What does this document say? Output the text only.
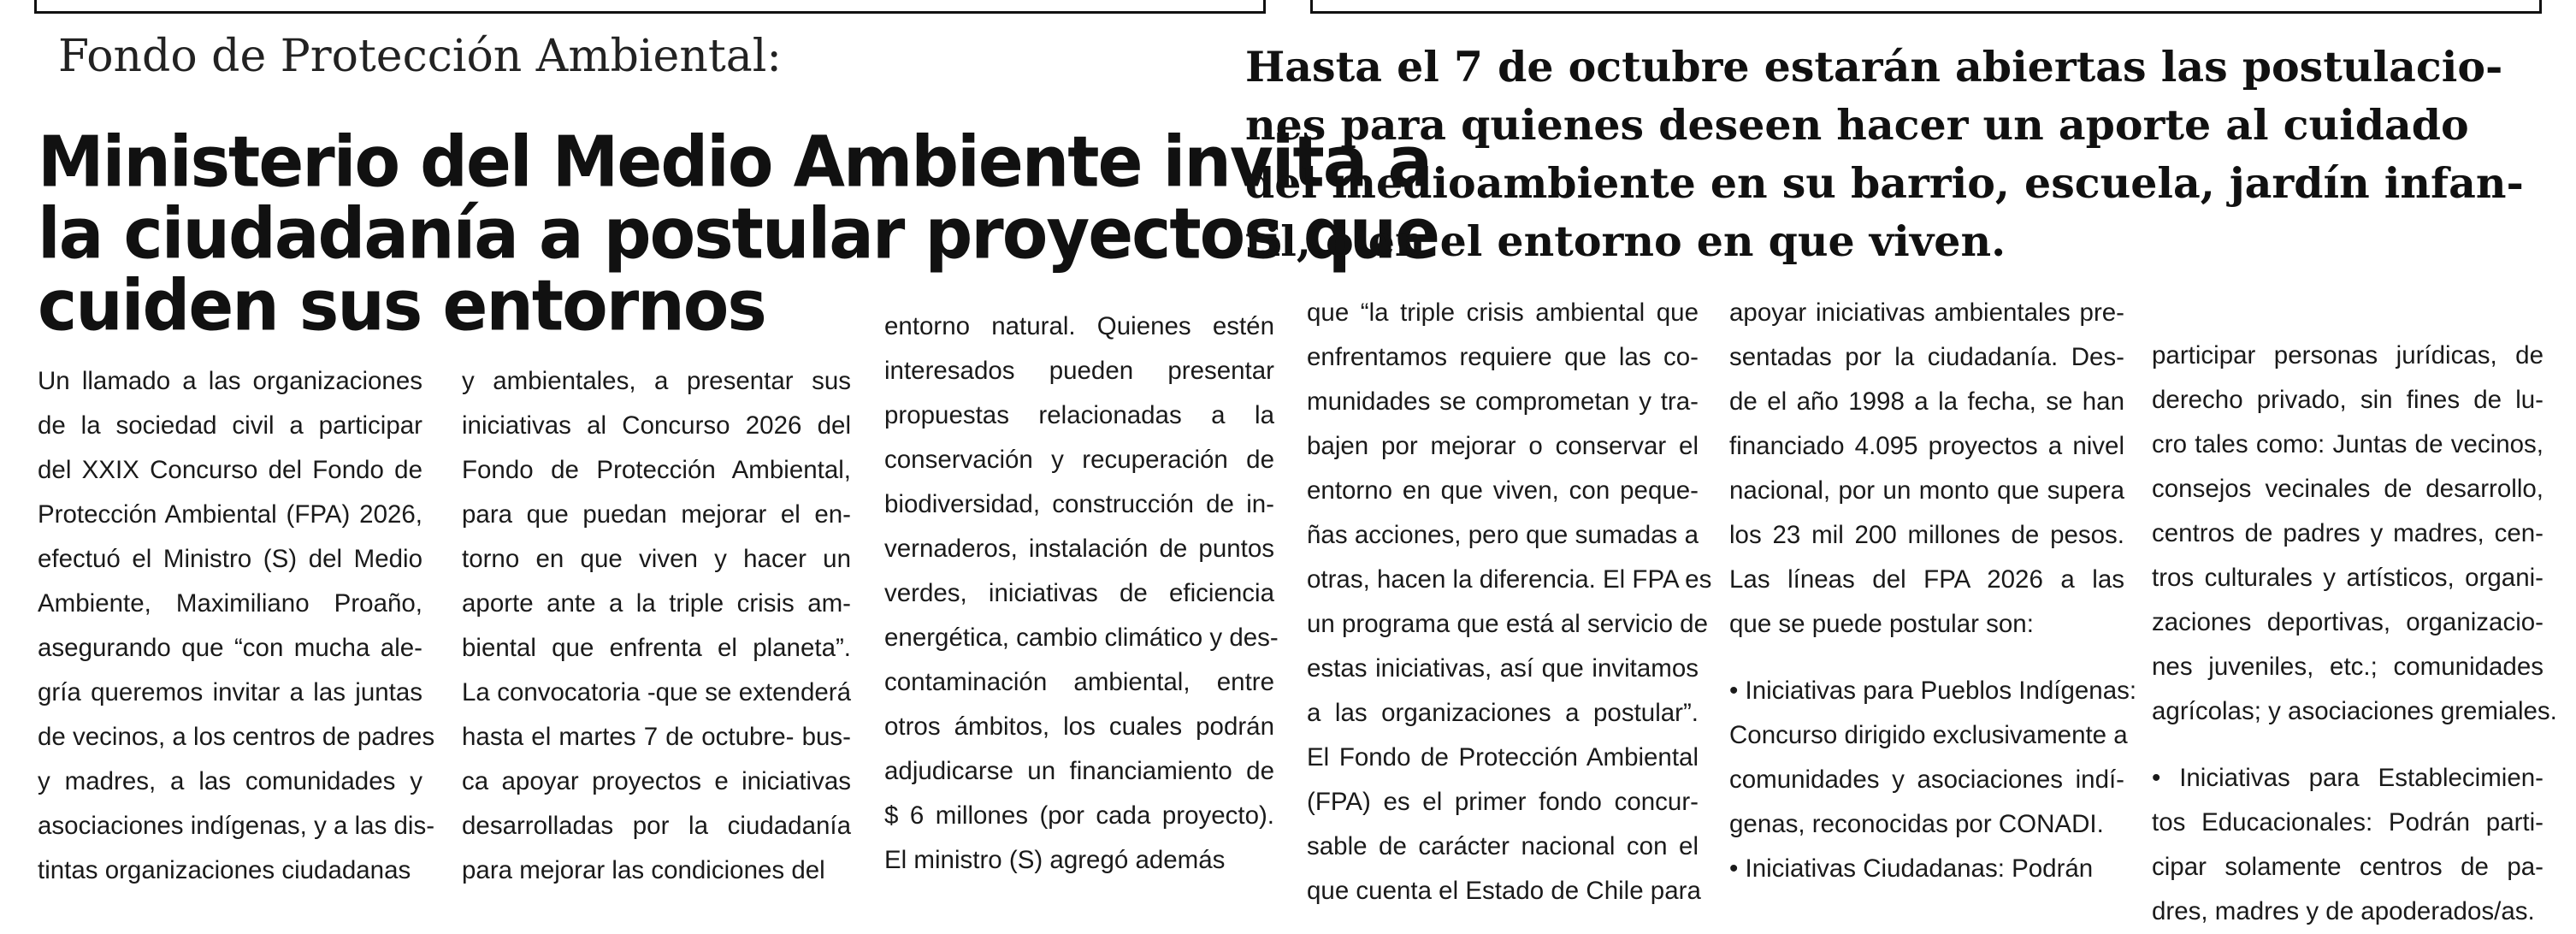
Fondo de Protección Ambiental:
Ministerio del Medio Ambiente invita a
la ciudadanía a postular proyectos que
cuiden sus entornos
Hasta el 7 de octubre estarán abiertas las postulacio-
nes para quienes deseen hacer un aporte al cuidado
del medioambiente en su barrio, escuela, jardín infan-
til, o en el entorno en que viven.
Un llamado a las organizaciones
de la sociedad civil a participar
del XXIX Concurso del Fondo de
Protección Ambiental (FPA) 2026,
efectuó el Ministro (S) del Medio
Ambiente, Maximiliano Proaño,
asegurando que “con mucha ale-
gría queremos invitar a las juntas
de vecinos, a los centros de padres
y madres, a las comunidades y
asociaciones indígenas, y a las dis-
tintas organizaciones ciudadanas
y ambientales, a presentar sus
iniciativas al Concurso 2026 del
Fondo de Protección Ambiental,
para que puedan mejorar el en-
torno en que viven y hacer un
aporte ante a la triple crisis am-
biental que enfrenta el planeta”.
La convocatoria -que se extenderá
hasta el martes 7 de octubre- bus-
ca apoyar proyectos e iniciativas
desarrolladas por la ciudadanía
para mejorar las condiciones del
entorno natural. Quienes estén
interesados pueden presentar
propuestas relacionadas a la
conservación y recuperación de
biodiversidad, construcción de in-
vernaderos, instalación de puntos
verdes, iniciativas de eficiencia
energética, cambio climático y des-
contaminación ambiental, entre
otros ámbitos, los cuales podrán
adjudicarse un financiamiento de
$ 6 millones (por cada proyecto).
El ministro (S) agregó además
que “la triple crisis ambiental que
enfrentamos requiere que las co-
munidades se comprometan y tra-
bajen por mejorar o conservar el
entorno en que viven, con peque-
ñas acciones, pero que sumadas a
otras, hacen la diferencia. El FPA es
un programa que está al servicio de
estas iniciativas, así que invitamos
a las organizaciones a postular”.
El Fondo de Protección Ambiental
(FPA) es el primer fondo concur-
sable de carácter nacional con el
que cuenta el Estado de Chile para
apoyar iniciativas ambientales pre-
sentadas por la ciudadanía. Des-
de el año 1998 a la fecha, se han
financiado 4.095 proyectos a nivel
nacional, por un monto que supera
los 23 mil 200 millones de pesos.
Las líneas del FPA 2026 a las
que se puede postular son:
• Iniciativas para Pueblos Indígenas:
Concurso dirigido exclusivamente a
comunidades y asociaciones indí-
genas, reconocidas por CONADI.
• Iniciativas Ciudadanas: Podrán
participar personas jurídicas, de
derecho privado, sin fines de lu-
cro tales como: Juntas de vecinos,
consejos vecinales de desarrollo,
centros de padres y madres, cen-
tros culturales y artísticos, organi-
zaciones deportivas, organizacio-
nes juveniles, etc.; comunidades
agrícolas; y asociaciones gremiales.
• Iniciativas para Establecimien-
tos Educacionales: Podrán parti-
cipar solamente centros de pa-
dres, madres y de apoderados/as.
